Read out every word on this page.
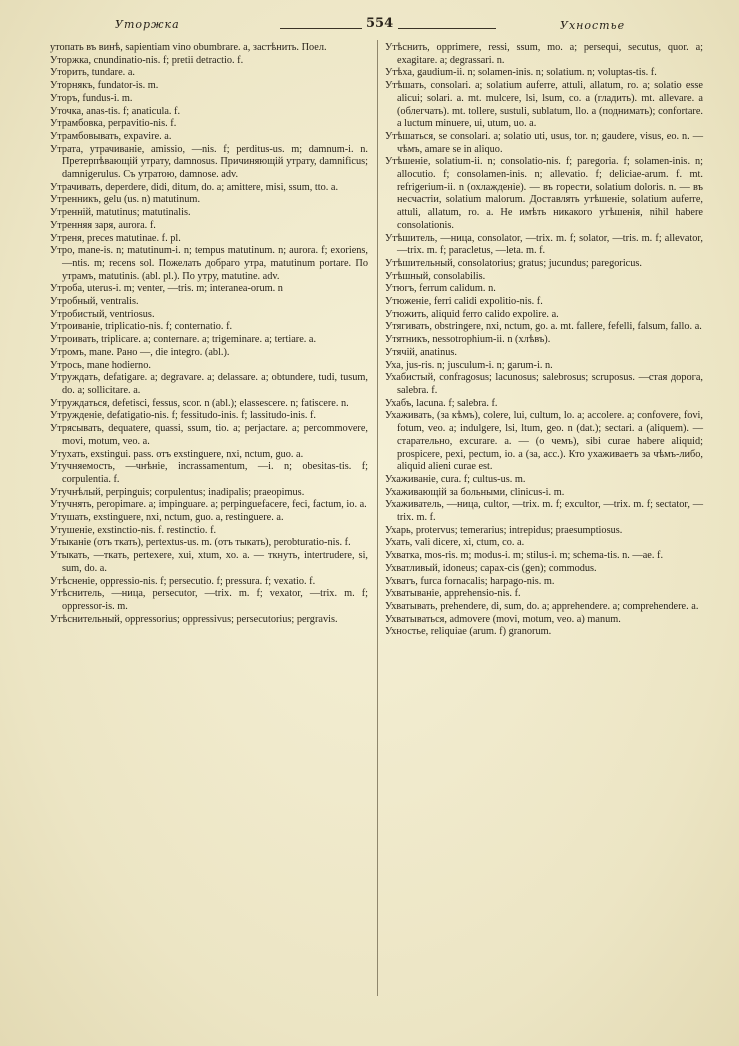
Уторжка	554	Ухностье

утопать въ винѣ, sapientiam vino obumbrare. a, застѣнить. Поел.

Уторжка, cnundinatio-nis. f; pretii detractio. f.

Уторить, tundare. a.

Уторнякъ, fundator-is. m.

Уторъ, fundus-i. m.

Уточка, anas-tis. f; anaticula. f.

Утрамбовка, perpavitio-nis. f.

Утрамбовывать, expavire. a.

Утрата, утрачиваніе, amissio, —nis. f; perditus-us. m; damnum-i. n. Претерпѣвающій утрату, damnosus. Причиняющій утрату, damnificus; damnigerulus. Съ утратою, damnose. adv.

Утрачивать, deperdere, didi, ditum, do. a; amittere, misi, ssum, tto. a.

Утренникъ, gelu (us. n) matutinum.

Утренній, matutinus; matutinalis.

Утренняя заря, aurora. f.

Утреня, preces matutinae. f. pl.

Утро, mane-is. n; matutinum-i. n; tempus matutinum. n; aurora. f; exoriens, —ntis. m; recens sol. Пожелать добраго утра, matutinum portare. По утрамъ, matutinis. (abl. pl.). По утру, matutine. adv.

Утроба, uterus-i. m; venter, —tris. m; interanea-orum. n

Утробный, ventralis.

Утробистый, ventriosus.

Утроиваніе, triplicatio-nis. f; conternatio. f.

Утроивать, triplicare. a; conternare. a; trigeminare. a; tertiare. a.

Утромъ, mane. Рано —, die integro. (abl.).

Утрось, mane hodierno.

Утруждать, defatigare. a; degravare. a; delassare. a; obtundere, tudi, tusum, do. a; sollicitare. a.

Утруждаться, defetisci, fessus, scor. n (abl.); elassescere. n; fatiscere. n.

Утружденіе, defatigatio-nis. f; fessitudo-inis. f; lassitudo-inis. f.

Утрясывать, dequatere, quassi, ssum, tio. a; perjactare. a; percommovere, movi, motum, veo. a.

Утухать, exstingui. pass. отъ exstinguere, nxi, nctum, guo. a.

Утучняемость, —чнѣніе, incrassamentum, —i. n; obesitas-tis. f; corpulentia. f.

Утучнѣлый, perpinguis; corpulentus; inadipalis; praeopimus.

Утучнять, peropimare. a; impinguare. a; perpinguefacere, feci, factum, io. a.

Утушать, exstinguere, nxi, nctum, guo. a, restinguere. a.

Утушеніе, exstinctio-nis. f. restinctio. f.

Утыканіе (отъ ткать), pertextus-us. m. (отъ тыкать), perobturatio-nis. f.

Утыкать, —ткать, pertexere, xui, xtum, xo. a. — ткнуть, intertrudere, si, sum, do. a.

Утѣсненіе, oppressio-nis. f; persecutio. f; pressura. f; vexatio. f.

Утѣснитель, —ница, persecutor, —trix. m. f; vexator, —trix. m. f; oppressor-is. m.

Утѣснительный, oppressorius; oppressivus; persecutorius; pergravis.

Утѣснить, opprimere, ressi, ssum, mo. a; persequi, secutus, quor. a; exagitare. a; degrassari. n.

Утѣха, gaudium-ii. n; solamen-inis. n; solatium. n; voluptas-tis. f.

Утѣшать, consolari. a; solatium auferre, attuli, allatum, ro. a; solatio esse alicui; solari. a. mt. mulcere, lsi, lsum, co. a (гладить). mt. allevare. a (облегчать). mt. tollere, sustuli, sublatum, llo. a (поднимать); confortare. a luctum minuere, ui, utum, uo. a.

Утѣшаться, se consolari. a; solatio uti, usus, tor. n; gaudere, visus, eo. n. — чѣмъ, amare se in aliquo.

Утѣшеніе, solatium-ii. n; consolatio-nis. f; paregoria. f; solamen-inis. n; allocutio. f; consolamen-inis. n; allevatio. f; deliciae-arum. f. mt. refrigerium-ii. n (охлажденіе). — въ горести, solatium doloris. n. — въ несчастіи, solatium malorum. Доставлять утѣшеніе, solatium auferre, attuli, allatum, ro. a. Не имѣть никакого утѣшенія, nihil habere consolationis.

Утѣшитель, —ница, consolator, —trix. m. f; solator, —tris. m. f; allevator, —trix. m. f; paracletus, —leta. m. f.

Утѣшительный, consolatorius; gratus; jucundus; paregoricus.

Утѣшный, consolabilis.

Утюгъ, ferrum calidum. n.

Утюженіе, ferri calidi expolitio-nis. f.

Утюжить, aliquid ferro calido expolire. a.

Утягивать, obstringere, nxi, nctum, go. a. mt. fallere, fefelli, falsum, fallo. a.

Утятникъ, nessotrophium-ii. n (хлѣвъ).

Утячій, anatinus.

Уха, jus-ris. n; jusculum-i. n; garum-i. n.

Ухабистый, confragosus; lacunosus; salebrosus; scruposus. —стая дорога, salebra. f.

Ухабъ, lacuna. f; salebra. f.

Ухаживать, (за кѣмъ), colere, lui, cultum, lo. a; accolere. a; confovere, fovi, fotum, veo. a; indulgere, lsi, ltum, geo. n (dat.); sectari. a (aliquem). — старательно, excurare. a. — (о чемъ), sibi curae habere aliquid; prospicere, pexi, pectum, io. a (за, acc.). Кто ухаживаетъ за чѣмъ-либо, aliquid alieni curae est.

Ухаживаніе, cura. f; cultus-us. m.

Ухаживающій за больными, clinicus-i. m.

Ухаживатель, —ница, cultor, —trix. m. f; excultor, —trix. m. f; sectator, —trix. m. f.

Ухарь, protervus; temerarius; intrepidus; praesumptiosus.

Ухать, vali dicere, xi, ctum, co. a.

Ухватка, mos-ris. m; modus-i. m; stilus-i. m; schema-tis. n. —ae. f.

Ухватливый, idoneus; capax-cis (gen); commodus.

Ухватъ, furca fornacalis; harpago-nis. m.

Ухватываніе, apprehensio-nis. f.

Ухватывать, prehendere, di, sum, do. a; apprehendere. a; comprehendere. a.

Ухватываться, admovere (movi, motum, veo. a) manum.

Ухностье, reliquiae (arum. f) granorum.
